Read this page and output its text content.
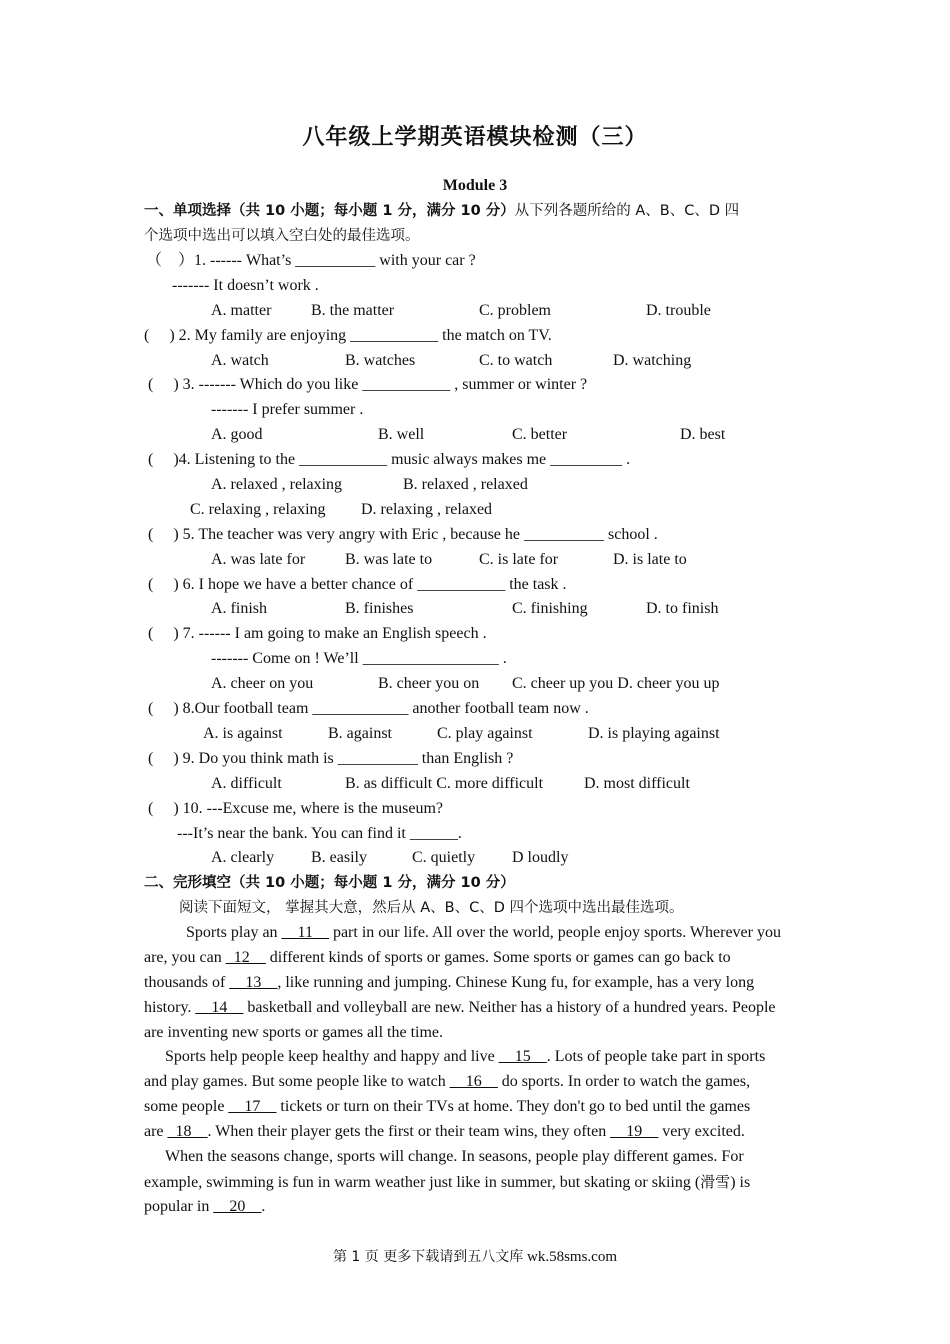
八年级上学期英语模块检测（三）
Module 3
一、单项选择（共 10 小题；每小题 1 分，满分 10 分）从下列各题所给的 A、B、C、D 四
个选项中选出可以填入空白处的最佳选项。
（　）1. ------ What’s __________ with your car ?
------- It doesn’t work .
A. matter B. the matter	C. problem	D. trouble
(　 ) 2. My family are enjoying ___________ the match on TV.
A. watch	B. watches	C. to watch	D. watching
(　 ) 3. ------- Which do you like ___________ , summer or winter ?
------- I prefer summer .
A. good	B. well	C. better	D. best
(　 )4. Listening to the ___________ music always makes me _________ .
A. relaxed , relaxing	B. relaxed , relaxed
C. relaxing , relaxing D. relaxing , relaxed
(　 ) 5. The teacher was very angry with Eric , because he __________ school .
A. was late for B. was late to	C. is late for	D. is late to
(　 ) 6. I hope we have a better chance of ___________ the task .
A. finish	B. finishes	C. finishing	D. to finish
(　 ) 7. ------ I am going to make an English speech .
------- Come on ! We’ll _________________ .
A. cheer on you	B. cheer you on C. cheer up you D. cheer you up
(　 ) 8.Our football team ____________ another football team now .
A. is against	B. against	C. play against	D. is playing against
(　 ) 9. Do you think math is __________ than English ?
A. difficult	B. as difficult C. more difficult	D. most difficult
(　 ) 10. ---Excuse me, where is the museum?
---It’s near the bank. You can find it ______.
A. clearly B. easily	C. quietly D loudly
二、完形填空（共 10 小题；每小题 1 分，满分 10 分）
阅读下面短文， 掌握其大意，然后从 A、B、C、D 四个选项中选出最佳选项。
Sports play an __11__ part in our life. All over the world, people enjoy sports. Wherever you
are, you can _12__ different kinds of sports or games. Some sports or games can go back to
thousands of __13__, like running and jumping. Chinese Kung fu, for example, has a very long
history. __14__ basketball and volleyball are new. Neither has a history of a hundred years. People
are inventing new sports or games all the time.
Sports help people keep healthy and happy and live __15__. Lots of people take part in sports
and play games. But some people like to watch __16__ do sports. In order to watch the games,
some people __17__ tickets or turn on their TVs at home. They don't go to bed until the games
are _18__. When their player gets the first or their team wins, they often __19__ very excited.
When the seasons change, sports will change. In seasons, people play different games. For
example, swimming is fun in warm weather just like in summer, but skating or skiing (滑雪) is
popular in __20__.
第 1 页 更多下载请到五八文库 wk.58sms.com
